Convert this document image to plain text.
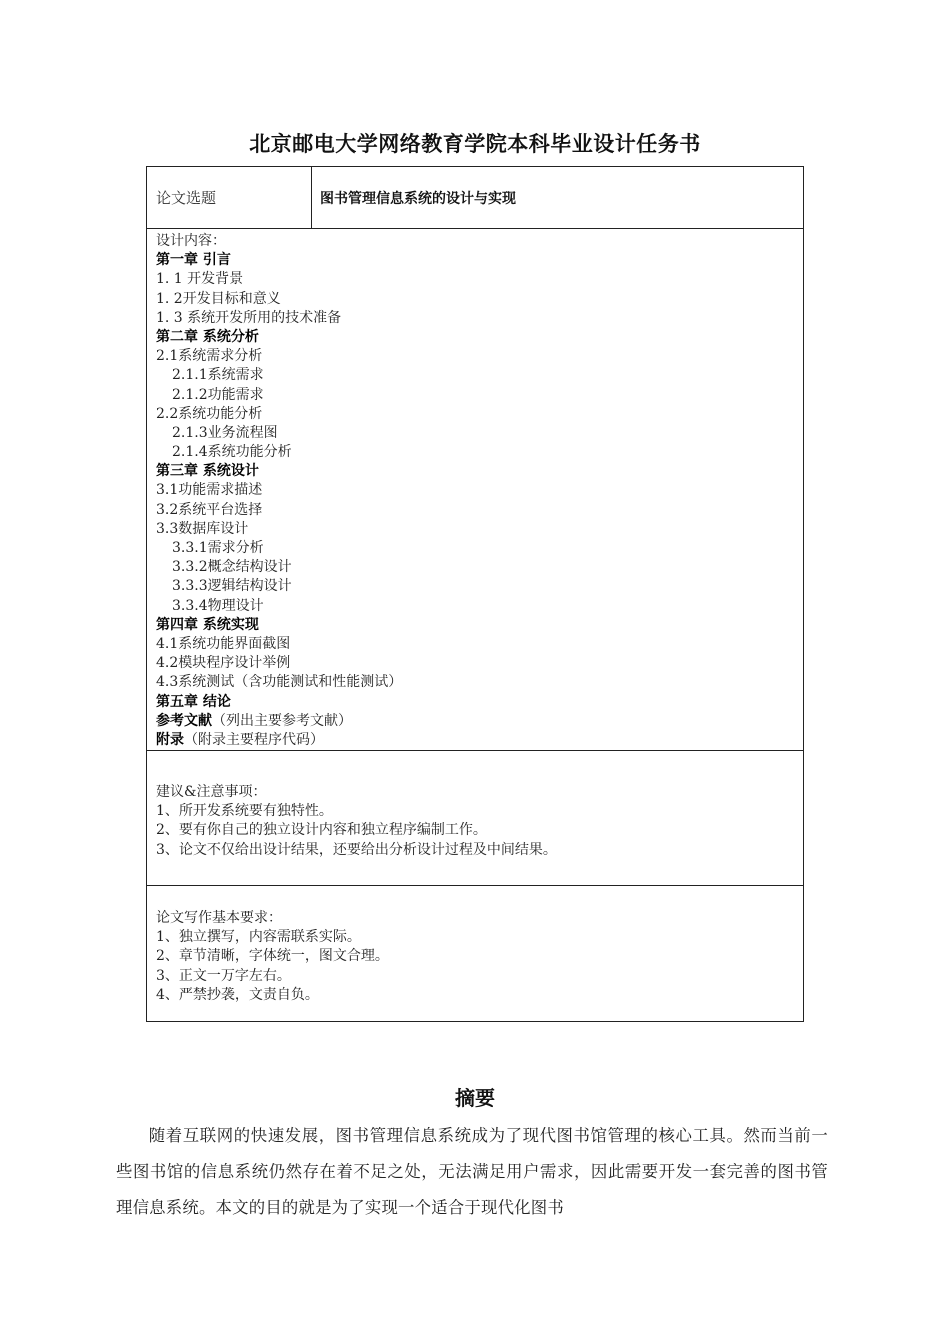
北京邮电大学网络教育学院本科毕业设计任务书
论文选题	图书管理信息系统的设计与实现

设计内容：
第一章 引言
1. 1 开发背景
1. 2开发目标和意义
1. 3 系统开发所用的技术准备
第二章 系统分析
2.1系统需求分析
2.1.1系统需求
2.1.2功能需求
2.2系统功能分析
2.1.3业务流程图
2.1.4系统功能分析
第三章 系统设计
3.1功能需求描述
3.2系统平台选择
3.3数据库设计
3.3.1需求分析
3.3.2概念结构设计
3.3.3逻辑结构设计
3.3.4物理设计
第四章 系统实现
4.1系统功能界面截图
4.2模块程序设计举例
4.3系统测试（含功能测试和性能测试）
第五章 结论
参考文献（列出主要参考文献）
附录（附录主要程序代码）

建议&注意事项：
1、所开发系统要有独特性。
2、要有你自己的独立设计内容和独立程序编制工作。
3、论文不仅给出设计结果，还要给出分析设计过程及中间结果。

论文写作基本要求：
1、独立撰写，内容需联系实际。
2、章节清晰，字体统一，图文合理。
3、正文一万字左右。
4、严禁抄袭，文责自负。
摘要
随着互联网的快速发展，图书管理信息系统成为了现代图书馆管理的核心工具。然而当前一些图书馆的信息系统仍然存在着不足之处，无法满足用户需求，因此需要开发一套完善的图书管理信息系统。本文的目的就是为了实现一个适合于现代化图书
